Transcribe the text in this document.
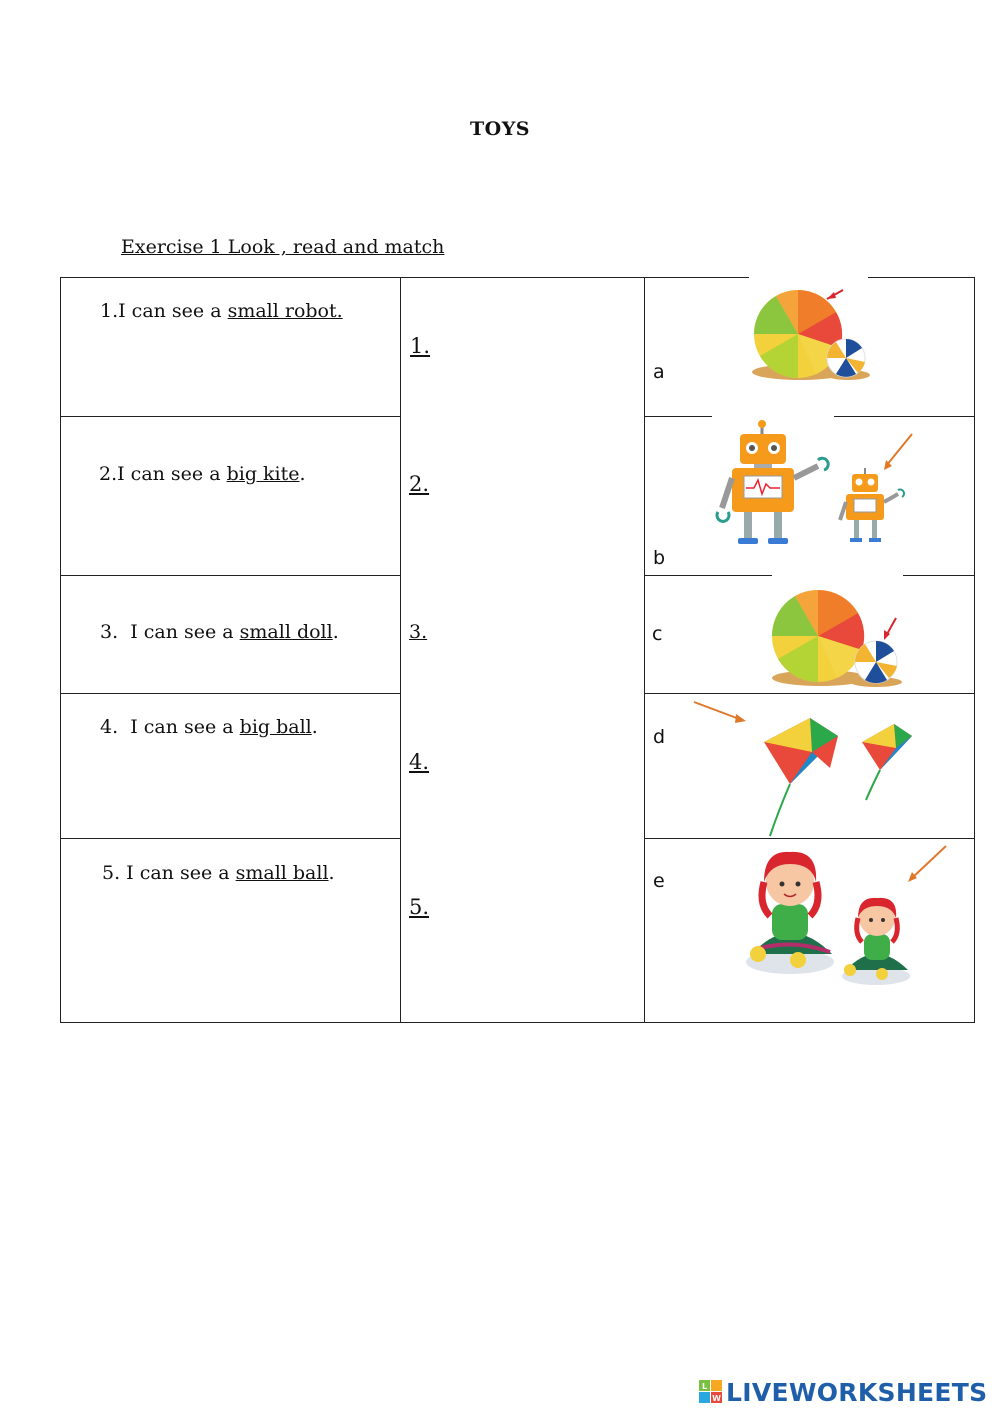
TOYS
Exercise 1 Look , read and match
1.I can see a small robot.
2.I can see a big kite.
3.  I can see a small doll.
4.  I can see a big ball.
5. I can see a small ball.
1.
2.
3.
4.
5.
a
b
c
d
e
L
W LIVEWORKSHEETS
